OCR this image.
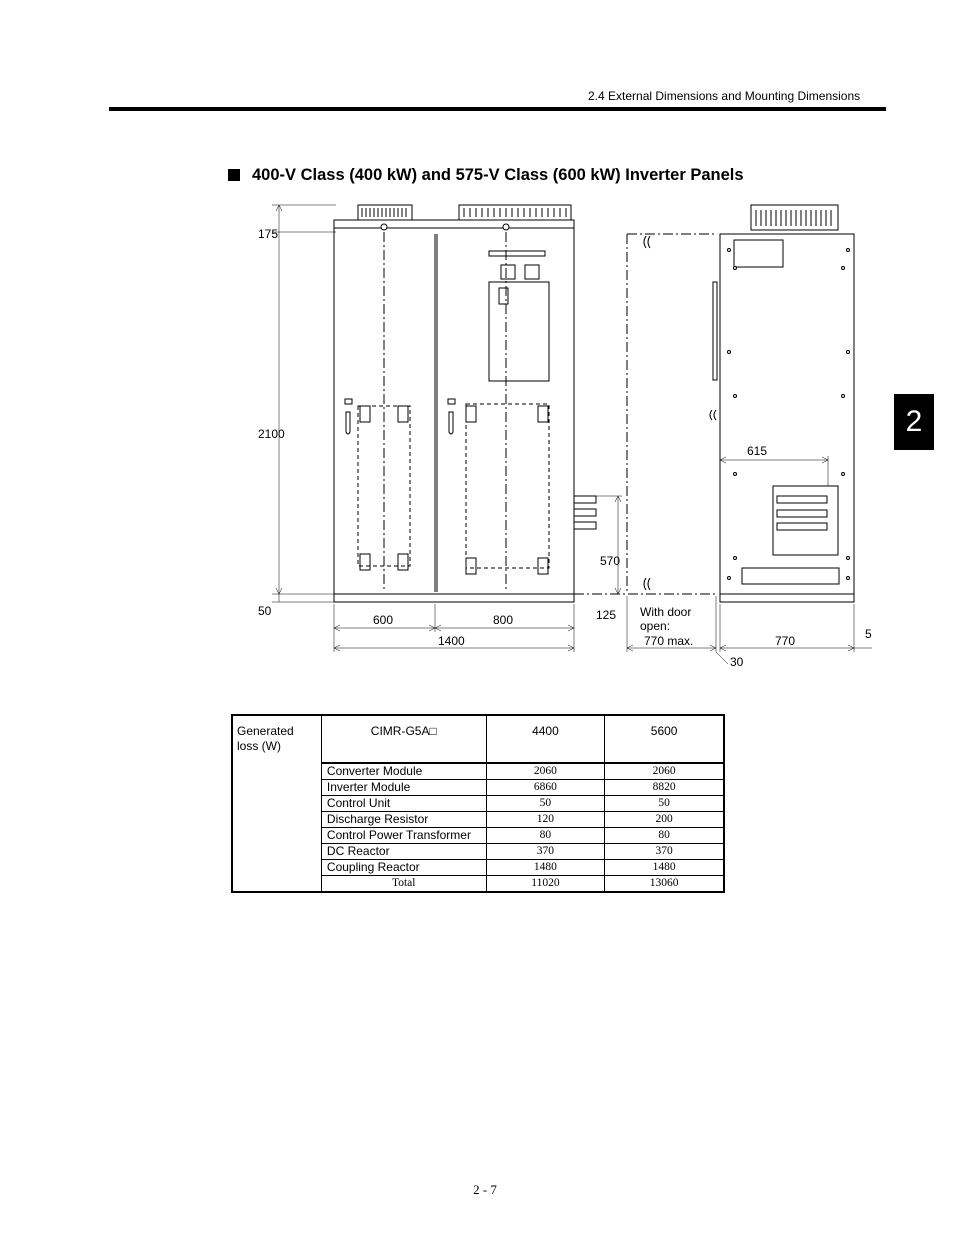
2.4 External Dimensions and Mounting Dimensions
2
400-V Class (400 kW) and 575-V Class (600 kW) Inverter Panels
175
2100
50
600	800
1400
125
570
With door
open:
770 max.
615
770	5
30
Generated loss (W)	CIMR-G5A□	4400	5600
	Converter Module	2060	2060
	Inverter Module	6860	8820
	Control Unit	50	50
	Discharge Resistor	120	200
	Control Power Transformer	80	80
	DC Reactor	370	370
	Coupling Reactor	1480	1480
	Total	11020	13060
2 - 7
